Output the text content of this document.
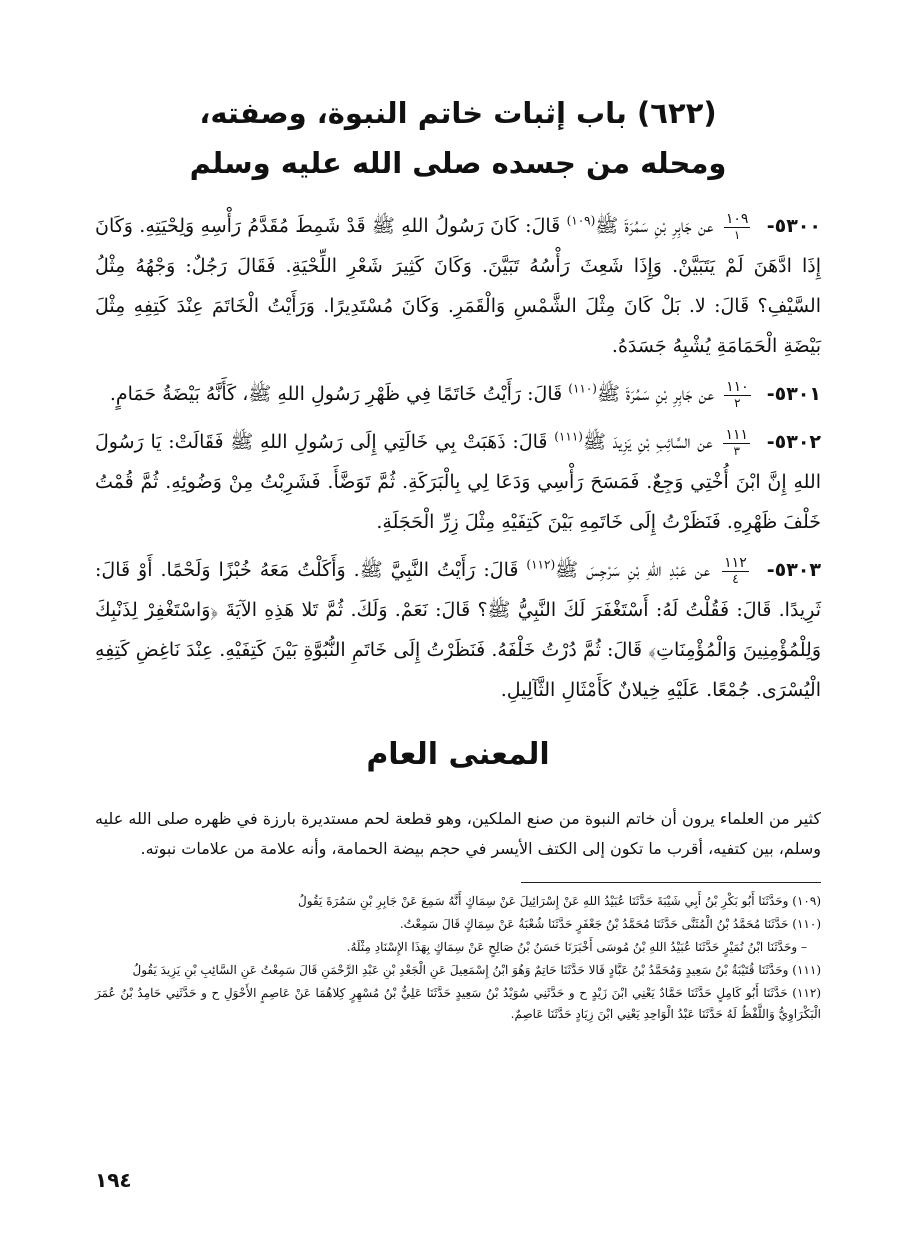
(٦٢٢) باب إثبات خاتم النبوة، وصفته،
ومحله من جسده صلى الله عليه وسلم

٥٣٠٠-
$\frac{١٠٩}{١}$
عن جَابِرِ بْنِ سَمُرَةَ ﷺ$^{(١٠٩)}$ قَالَ: كَانَ رَسُولُ اللهِ ﷺ قَدْ شَمِطَ مُقَدَّمُ رَأْسِهِ وَلِحْيَتِهِ. وَكَانَ إِذَا ادَّهَنَ لَمْ يَتَبَيَّنْ. وَإِذَا شَعِثَ رَأْسُهُ تَبَيَّنَ. وَكَانَ كَثِيرَ شَعْرِ اللِّحْيَةِ. فَقَالَ رَجُلٌ: وَجْهُهُ مِثْلُ السَّيْفِ؟ قَالَ: لا. بَلْ كَانَ مِثْلَ الشَّمْسِ وَالْقَمَرِ. وَكَانَ مُسْتَدِيرًا. وَرَأَيْتُ الْخَاتَمَ عِنْدَ كَتِفِهِ مِثْلَ بَيْضَةِ الْحَمَامَةِ يُشْبِهُ جَسَدَهُ.

٥٣٠١-
$\frac{١١٠}{٢}$
عن جَابِرِ بْنِ سَمُرَةَ ﷺ$^{(١١٠)}$ قَالَ: رَأَيْتُ خَاتَمًا فِي ظَهْرِ رَسُولِ اللهِ ﷺ، كَأَنَّهُ بَيْضَةُ حَمَامٍ.

٥٣٠٢-
$\frac{١١١}{٣}$
عن السَّائِبِ بْنِ يَزِيدَ ﷺ$^{(١١١)}$ قَالَ: ذَهَبَتْ بِي خَالَتِي إِلَى رَسُولِ اللهِ ﷺ فَقَالَتْ: يَا رَسُولَ اللهِ إِنَّ ابْنَ أُخْتِي وَجِعٌ. فَمَسَحَ رَأْسِي وَدَعَا لِي بِالْبَرَكَةِ. ثُمَّ تَوَضَّأَ. فَشَرِبْتُ مِنْ وَضُوئِهِ. ثُمَّ قُمْتُ خَلْفَ ظَهْرِهِ. فَنَظَرْتُ إِلَى خَاتَمِهِ بَيْنَ كَتِفَيْهِ مِثْلَ زِرِّ الْحَجَلَةِ.

٥٣٠٣-
$\frac{١١٢}{٤}$
عن عَبْدِ اللهِ بْنِ سَرْجِسَ ﷺ$^{(١١٢)}$ قَالَ: رَأَيْتُ النَّبِيَّ ﷺ. وَأَكَلْتُ مَعَهُ خُبْزًا وَلَحْمًا. أَوْ قَالَ: ثَرِيدًا. قَالَ: فَقُلْتُ لَهُ: أَسْتَغْفَرَ لَكَ النَّبِيُّ ﷺ؟ قَالَ: نَعَمْ. وَلَكَ. ثُمَّ تَلا هَذِهِ الآيَةَ ﴿وَاسْتَغْفِرْ لِذَنْبِكَ وَلِلْمُؤْمِنِينَ وَالْمُؤْمِنَاتِ﴾ قَالَ: ثُمَّ دُرْتُ خَلْفَهُ. فَنَظَرْتُ إِلَى خَاتَمِ النُّبُوَّةِ بَيْنَ كَتِفَيْهِ. عِنْدَ نَاغِضِ كَتِفِهِ الْيُسْرَى. جُمْعًا. عَلَيْهِ خِيلانٌ كَأَمْثَالِ الثَّآلِيلِ.

المعنى العام

كثير من العلماء يرون أن خاتم النبوة من صنع الملكين، وهو قطعة لحم مستديرة بارزة في ظهره صلى الله عليه وسلم، بين كتفيه، أقرب ما تكون إلى الكتف الأيسر في حجم بيضة الحمامة، وأنه علامة من علامات نبوته.

(١٠٩) وحَدَّثَنَا أَبُو بَكْرِ بْنُ أَبِي شَيْبَةَ حَدَّثَنَا عُبَيْدُ اللهِ عَنْ إِسْرَائِيلَ عَنْ سِمَاكٍ أَنَّهُ سَمِعَ عَنْ جَابِرِ بْنِ سَمُرَةَ يَقُولُ

(١١٠) حَدَّثَنَا مُحَمَّدُ بْنُ الْمُثَنَّى حَدَّثَنَا مُحَمَّدُ بْنُ جَعْفَرٍ حَدَّثَنَا شُعْبَةُ عَنْ سِمَاكٍ قَالَ سَمِعْتُ.

– وحَدَّثَنَا ابْنُ نُمَيْرٍ حَدَّثَنَا عُبَيْدُ اللهِ بْنُ مُوسَى أَخْبَرَنَا حَسَنُ بْنُ صَالِحٍ عَنْ سِمَاكٍ بِهَذَا الإِسْنَادِ مِثْلَهُ.

(١١١) وحَدَّثَنَا قُتَيْبَةُ بْنُ سَعِيدٍ وَمُحَمَّدُ بْنُ عَبَّادٍ قَالا حَدَّثَنَا حَاتِمٌ وَهُوَ ابْنُ إِسْمَعِيلَ عَنِ الْجَعْدِ بْنِ عَبْدِ الرَّحْمَنِ قَالَ سَمِعْتُ عَنِ السَّائِبِ بْنِ يَزِيدَ يَقُولُ

(١١٢) حَدَّثَنَا أَبُو كَامِلٍ حَدَّثَنَا حَمَّادٌ يَعْنِي ابْنَ زَيْدٍ ح و حَدَّثَنِي سُوَيْدُ بْنُ سَعِيدٍ حَدَّثَنَا عَلِيُّ بْنُ مُسْهِرٍ كِلاهُمَا عَنْ عَاصِمٍ الأَحْوَلِ ح و حَدَّثَنِي حَامِدُ بْنُ عُمَرَ الْبَكْرَاوِيُّ وَاللَّفْظُ لَهُ حَدَّثَنَا عَبْدُ الْوَاحِدِ يَعْنِي ابْنَ زِيَادٍ حَدَّثَنَا عَاصِمٌ.

١٩٤
